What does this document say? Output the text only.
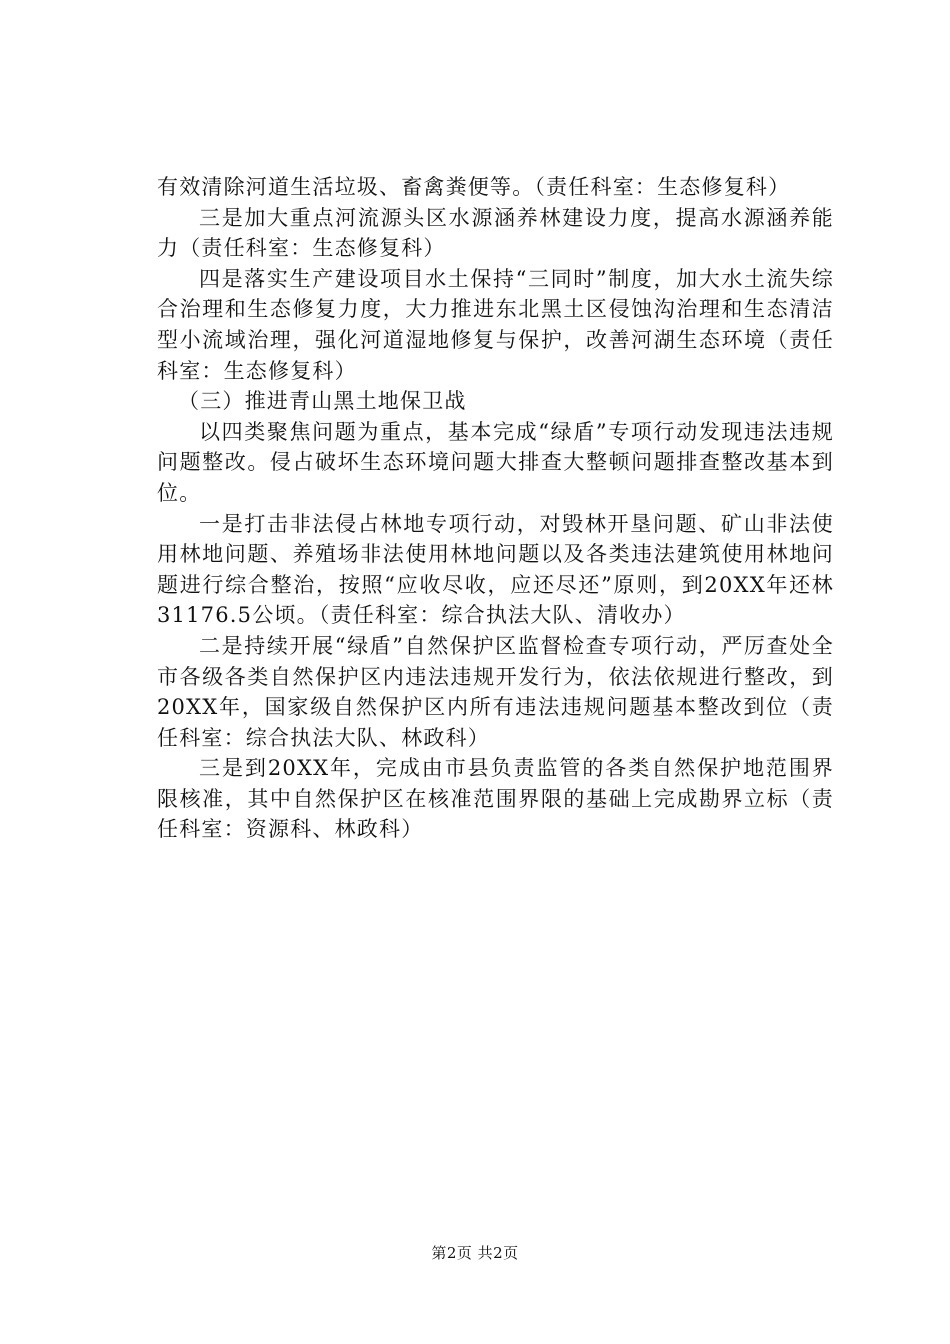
有效清除河道生活垃圾、畜禽粪便等。（责任科室：生态修复科）

三是加大重点河流源头区水源涵养林建设力度，提高水源涵养能力（责任科室：生态修复科）

四是落实生产建设项目水土保持“三同时”制度，加大水土流失综合治理和生态修复力度，大力推进东北黑土区侵蚀沟治理和生态清洁型小流域治理，强化河道湿地修复与保护，改善河湖生态环境（责任科室：生态修复科）

（三）推进青山黑土地保卫战

以四类聚焦问题为重点，基本完成“绿盾”专项行动发现违法违规问题整改。侵占破坏生态环境问题大排查大整顿问题排查整改基本到位。

一是打击非法侵占林地专项行动，对毁林开垦问题、矿山非法使用林地问题、养殖场非法使用林地问题以及各类违法建筑使用林地问题进行综合整治，按照“应收尽收，应还尽还”原则，到20XX年还林31176.5公顷。（责任科室：综合执法大队、清收办）

二是持续开展“绿盾”自然保护区监督检查专项行动，严厉查处全市各级各类自然保护区内违法违规开发行为，依法依规进行整改，到20XX年，国家级自然保护区内所有违法违规问题基本整改到位（责任科室：综合执法大队、林政科）

三是到20XX年，完成由市县负责监管的各类自然保护地范围界限核准，其中自然保护区在核准范围界限的基础上完成勘界立标（责任科室：资源科、林政科）

第2页 共2页
